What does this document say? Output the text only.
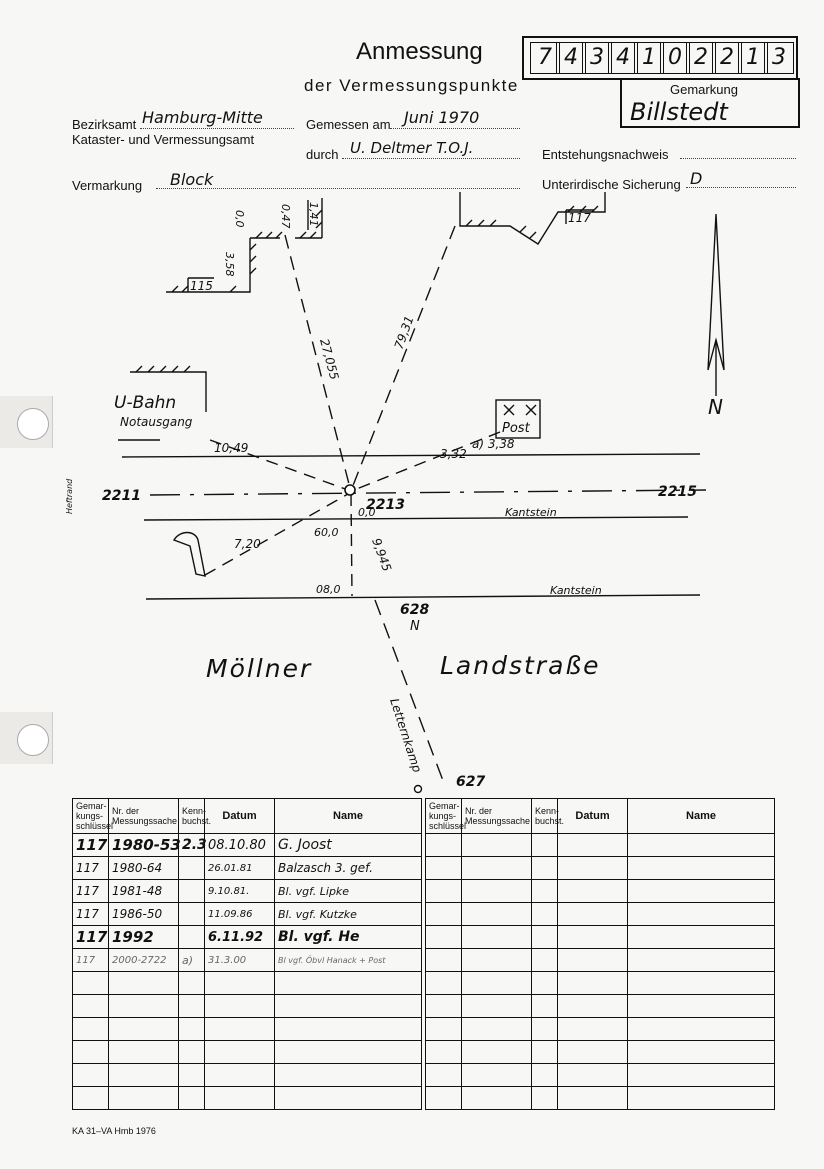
Anmessung
der Vermessungspunkte
7 4 3 4 1 0 2 2 1 3
Gemarkung
Billstedt
Bezirksamt Hamburg-Mitte
Kataster- und Vermessungsamt
Gemessen am Juni 1970
durch U. Deltmer T.O.J.	Entstehungsnachweis
Vermarkung Block	Unterirdische Sicherung D
U-Bahn
Notausgang	Post
Möllner	Landstraße
Kantstein
Kantstein
N
2211
2213
2215
628
N
627
115
117
a) 3,38
3,32
10,49
7,20
0,0
60,0
08,0
27,055
79,31
9,945
Letternkamp
0,0	0,47 1,41
3,58
Heftrand
Gemar-kungs-schlüssel	Nr. der Messungssache	Kenn-buchst.	Datum	Name
117	1980-53	2.3	08.10.80	G. Joost
117	1980-64		26.01.81	Balzasch 3. gef.
117	1981-48		9.10.81.	Bl. vgf. Lipke
117	1986-50		11.09.86	Bl. vgf. Kutzke
117	1992		6.11.92	Bl. vgf. He
117	2000-2722	a)	31.3.00	Bl vgf. Öbvl Hanack + Post

Gemar-kungs-schlüssel	Nr. der Messungssache	Kenn-buchst.	Datum	Name

KA 31–VA Hmb 1976
